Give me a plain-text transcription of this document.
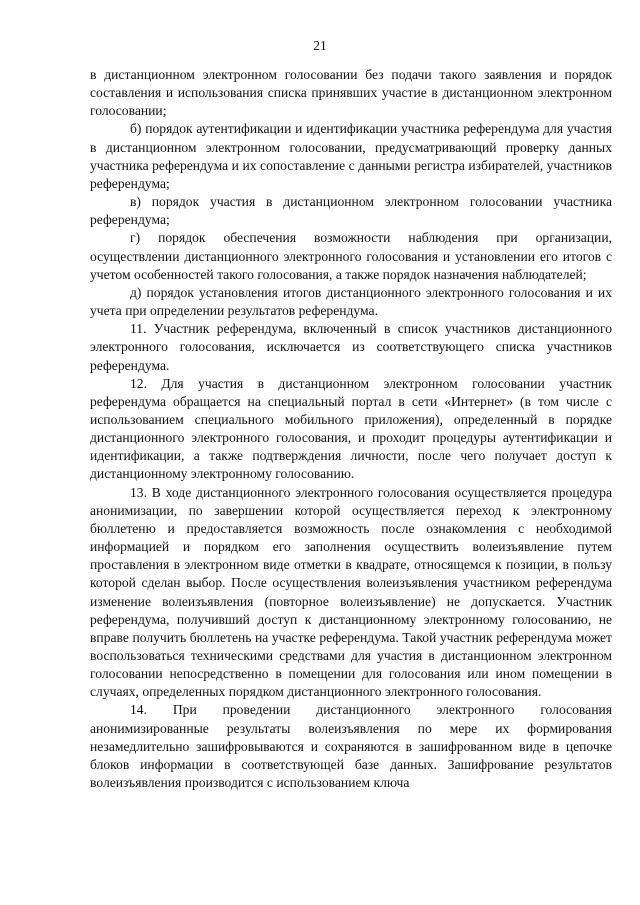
21

в дистанционном электронном голосовании без подачи такого заявления и порядок составления и использования списка принявших участие в дистанционном электронном голосовании;

б) порядок аутентификации и идентификации участника референдума для участия в дистанционном электронном голосовании, предусматривающий проверку данных участника референдума и их сопоставление с данными регистра избирателей, участников референдума;

в) порядок участия в дистанционном электронном голосовании участника референдума;

г) порядок обеспечения возможности наблюдения при организации, осуществлении дистанционного электронного голосования и установлении его итогов с учетом особенностей такого голосования, а также порядок назначения наблюдателей;

д) порядок установления итогов дистанционного электронного голосования и их учета при определении результатов референдума.

11. Участник референдума, включенный в список участников дистанционного электронного голосования, исключается из соответствующего списка участников референдума.

12. Для участия в дистанционном электронном голосовании участник референдума обращается на специальный портал в сети «Интернет» (в том числе с использованием специального мобильного приложения), определенный в порядке дистанционного электронного голосования, и проходит процедуры аутентификации и идентификации, а также подтверждения личности, после чего получает доступ к дистанционному электронному голосованию.

13. В ходе дистанционного электронного голосования осуществляется процедура анонимизации, по завершении которой осуществляется переход к электронному бюллетеню и предоставляется возможность после ознакомления с необходимой информацией и порядком его заполнения осуществить волеизъявление путем проставления в электронном виде отметки в квадрате, относящемся к позиции, в пользу которой сделан выбор. После осуществления волеизъявления участником референдума изменение волеизъявления (повторное волеизъявление) не допускается. Участник референдума, получивший доступ к дистанционному электронному голосованию, не вправе получить бюллетень на участке референдума. Такой участник референдума может воспользоваться техническими средствами для участия в дистанционном электронном голосовании непосредственно в помещении для голосования или ином помещении в случаях, определенных порядком дистанционного электронного голосования.

14. При проведении дистанционного электронного голосования анонимизированные результаты волеизъявления по мере их формирования незамедлительно зашифровываются и сохраняются в зашифрованном виде в цепочке блоков информации в соответствующей базе данных. Зашифрование результатов волеизъявления производится с использованием ключа
